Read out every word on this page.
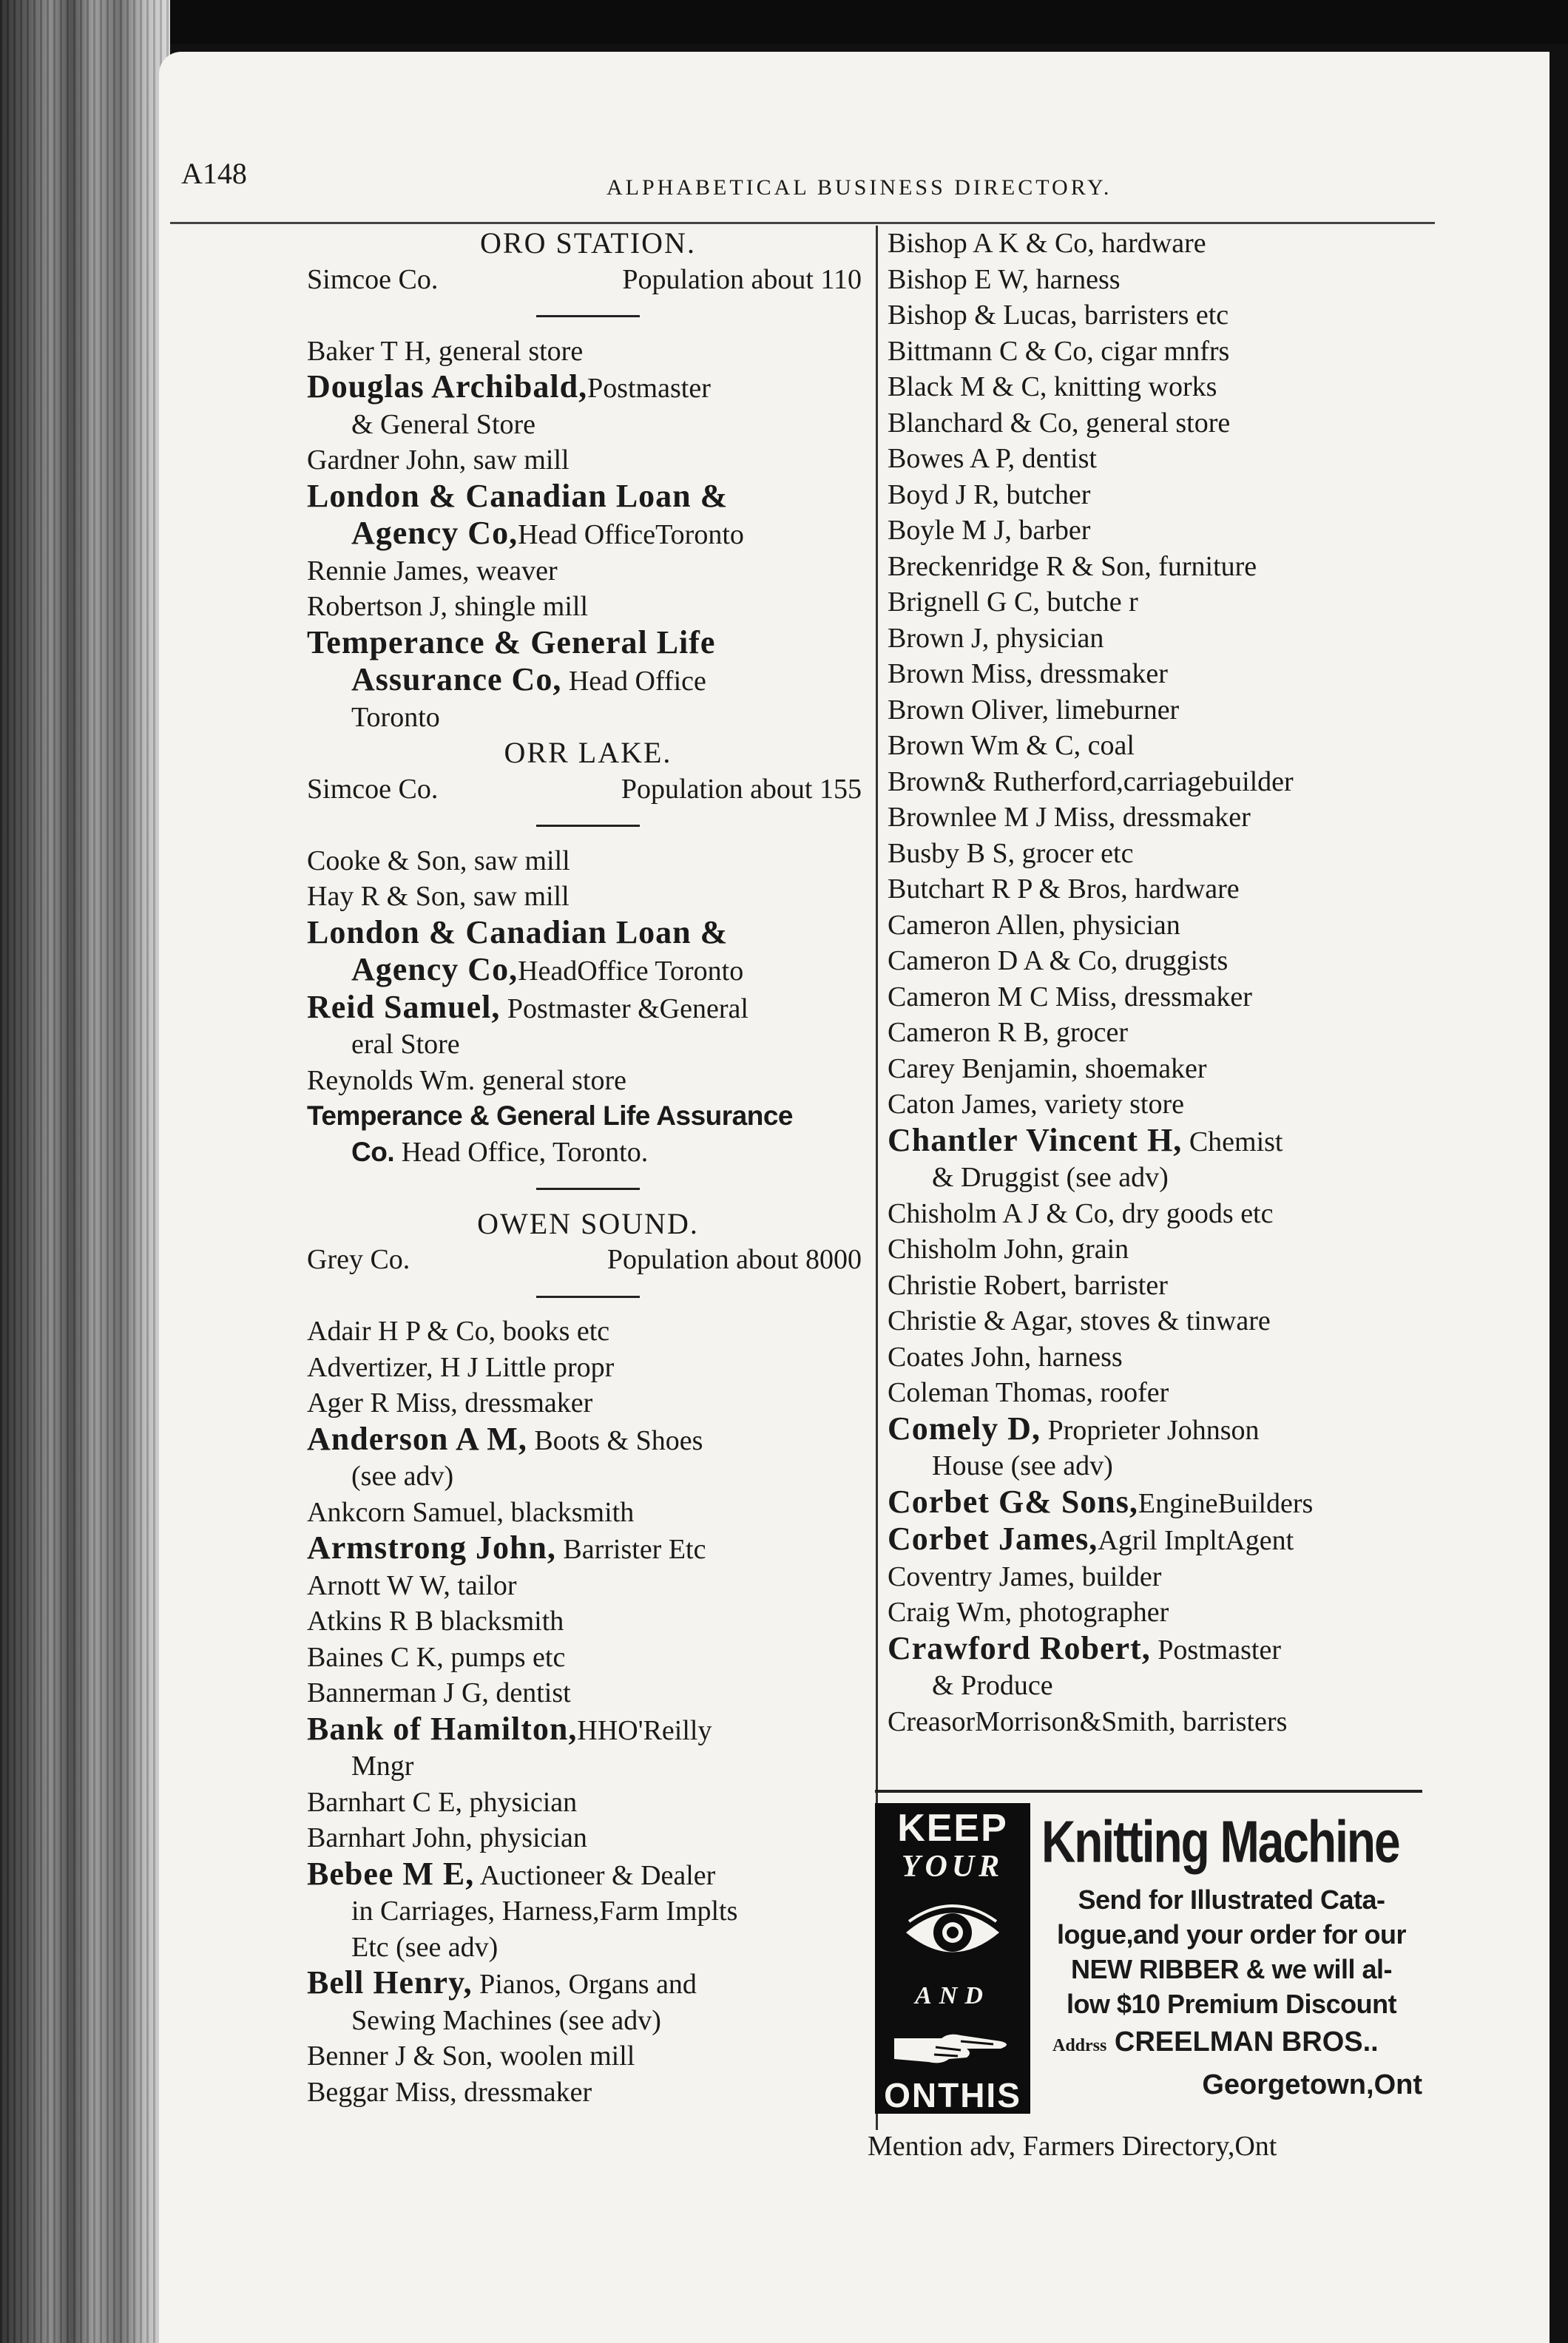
A148	ALPHABETICAL BUSINESS DIRECTORY.
ORO STATION.
Simcoe Co.	Population about 110
Baker T H, general store
Douglas Archibald,Postmaster
& General Store
Gardner John, saw mill
London & Canadian Loan &
Agency Co,Head OfficeToronto
Rennie James, weaver
Robertson J, shingle mill
Temperance & General Life
Assurance Co, Head Office
Toronto
ORR LAKE.
Simcoe Co.	Population about 155
Cooke & Son, saw mill
Hay R & Son, saw mill
London & Canadian Loan &
Agency Co,HeadOffice Toronto
Reid Samuel, Postmaster &General
eral Store
Reynolds Wm. general store
Temperance & General Life Assurance
Co. Head Office, Toronto.
OWEN SOUND.
Grey Co.	Population about 8000
Adair H P & Co, books etc
Advertizer, H J Little propr
Ager R Miss, dressmaker
Anderson A M, Boots & Shoes
(see adv)
Ankcorn Samuel, blacksmith
Armstrong John, Barrister Etc
Arnott W W, tailor
Atkins R B blacksmith
Baines C K, pumps etc
Bannerman J G, dentist
Bank of Hamilton,HHO'Reilly
Mngr
Barnhart C E, physician
Barnhart John, physician
Bebee M E, Auctioneer & Dealer
in Carriages, Harness,Farm Implts
Etc (see adv)
Bell Henry, Pianos, Organs and
Sewing Machines (see adv)
Benner J & Son, woolen mill
Beggar Miss, dressmaker
Bishop A K & Co, hardware
Bishop E W, harness
Bishop & Lucas, barristers etc
Bittmann C & Co, cigar mnfrs
Black M & C, knitting works
Blanchard & Co, general store
Bowes A P, dentist
Boyd J R, butcher
Boyle M J, barber
Breckenridge R & Son, furniture
Brignell G C, butche r
Brown J, physician
Brown Miss, dressmaker
Brown Oliver, limeburner
Brown Wm & C, coal
Brown& Rutherford,carriagebuilder
Brownlee M J Miss, dressmaker
Busby B S, grocer etc
Butchart R P & Bros, hardware
Cameron Allen, physician
Cameron D A & Co, druggists
Cameron M C Miss, dressmaker
Cameron R B, grocer
Carey Benjamin, shoemaker
Caton James, variety store
Chantler Vincent H, Chemist
& Druggist (see adv)
Chisholm A J & Co, dry goods etc
Chisholm John, grain
Christie Robert, barrister
Christie & Agar, stoves & tinware
Coates John, harness
Coleman Thomas, roofer
Comely D, Proprieter Johnson
House (see adv)
Corbet G& Sons,EngineBuilders
Corbet James,Agril ImpltAgent
Coventry James, builder
Craig Wm, photographer
Crawford Robert, Postmaster
& Produce
CreasorMorrison&Smith, barristers
KEEP
YOUR
AND
ONTHIS
Knitting Machine
Send for Illustrated Cata-
logue,and your order for our
NEW RIBBER & we will al-
low $10 Premium Discount
Addrss CREELMAN BROS..
Georgetown,Ont
Mention adv, Farmers Directory,Ont
